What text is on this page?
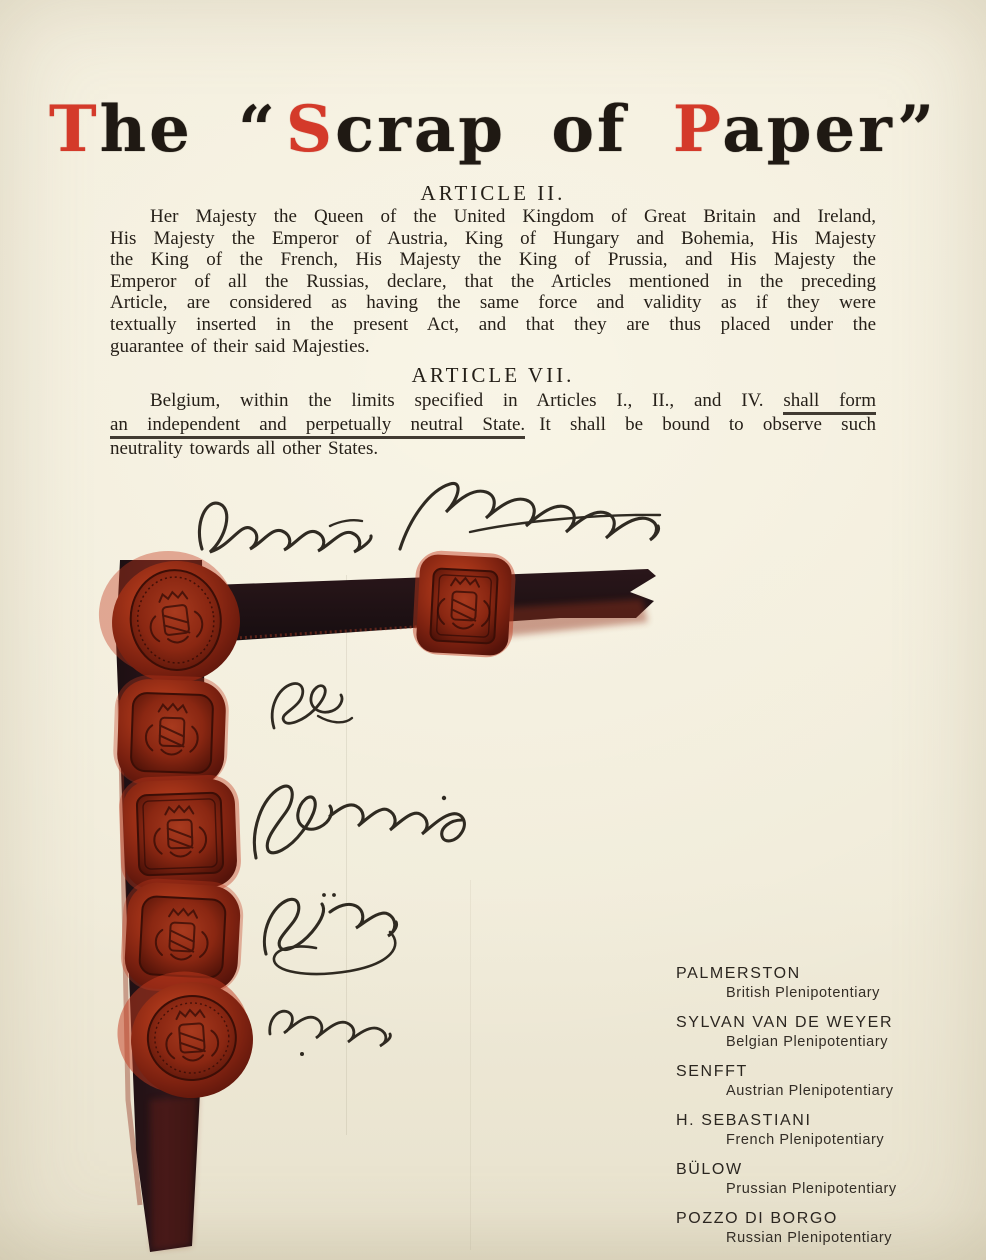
The “ Scrap of Paper”
ARTICLE II.
Her Majesty the Queen of the United Kingdom of Great Britain and Ireland,
His Majesty the Emperor of Austria, King of Hungary and Bohemia, His Majesty
the King of the French, His Majesty the King of Prussia, and His Majesty the
Emperor of all the Russias, declare, that the Articles mentioned in the preceding
Article, are considered as having the same force and validity as if they were
textually inserted in the present Act, and that they are thus placed under the
guarantee of their said Majesties.
ARTICLE VII.
Belgium, within the limits specified in Articles I., II., and IV. shall form
an independent and perpetually neutral State. It shall be bound to observe such
neutrality towards all other States.
PALMERSTON
British Plenipotentiary
SYLVAN VAN DE WEYER
Belgian Plenipotentiary
SENFFT
Austrian Plenipotentiary
H. SEBASTIANI
French Plenipotentiary
BÜLOW
Prussian Plenipotentiary
POZZO DI BORGO
Russian Plenipotentiary
